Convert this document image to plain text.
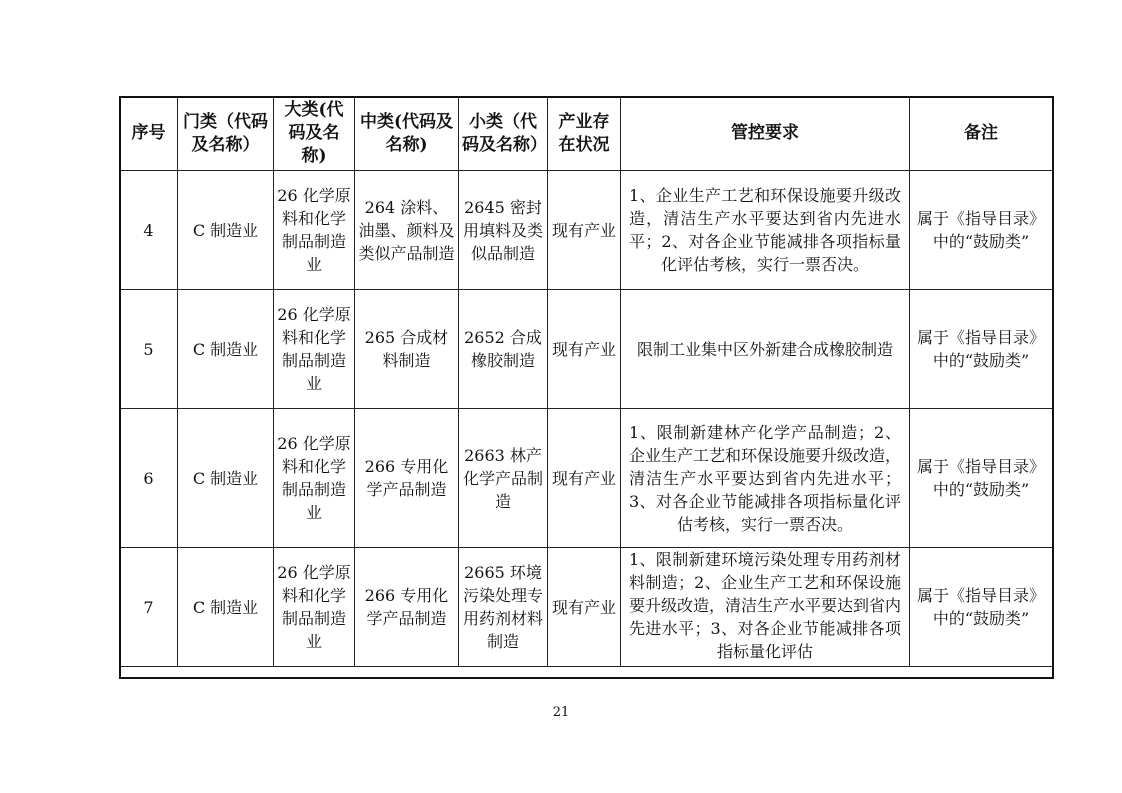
序号	门类（代码及名称）	大类(代码及名称)	中类(代码及名称)	小类（代码及名称）	产业存在状况	管控要求	备注
4	C 制造业	26 化学原料和化学制品制造业	264 涂料、油墨、颜料及类似产品制造	2645 密封用填料及类似品制造	现有产业	1、企业生产工艺和环保设施要升级改造，清洁生产水平要达到省内先进水平；2、对各企业节能减排各项指标量化评估考核，实行一票否决。	属于《指导目录》中的“鼓励类”
5	C 制造业	26 化学原料和化学制品制造业	265 合成材料制造	2652 合成橡胶制造	现有产业	限制工业集中区外新建合成橡胶制造	属于《指导目录》中的“鼓励类”
6	C 制造业	26 化学原料和化学制品制造业	266 专用化学产品制造	2663 林产化学产品制造	现有产业	1、限制新建林产化学产品制造；2、企业生产工艺和环保设施要升级改造，清洁生产水平要达到省内先进水平；3、对各企业节能减排各项指标量化评估考核，实行一票否决。	属于《指导目录》中的“鼓励类”
7	C 制造业	26 化学原料和化学制品制造业	266 专用化学产品制造	2665 环境污染处理专用药剂材料制造	现有产业	1、限制新建环境污染处理专用药剂材料制造；2、企业生产工艺和环保设施要升级改造，清洁生产水平要达到省内先进水平；3、对各企业节能减排各项指标量化评估	属于《指导目录》中的“鼓励类”
21
